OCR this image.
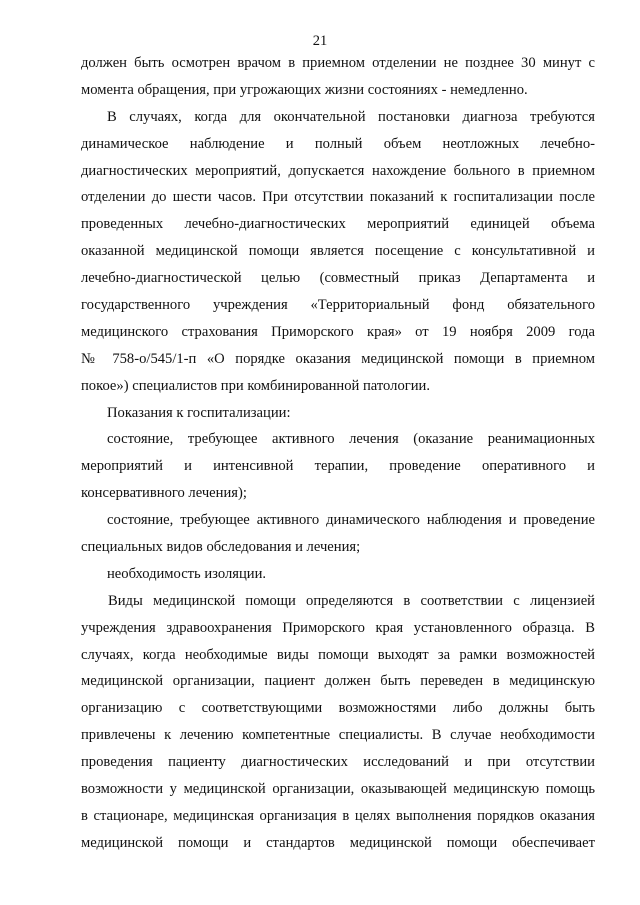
21
должен быть осмотрен врачом в приемном отделении не позднее 30 минут с
момента обращения, при угрожающих жизни состояниях - немедленно.
В случаях, когда для окончательной постановки диагноза требуются
динамическое наблюдение и полный объем неотложных лечебно-
диагностических мероприятий, допускается нахождение больного в приемном
отделении до шести часов. При отсутствии показаний к госпитализации после
проведенных лечебно-диагностических мероприятий единицей объема
оказанной медицинской помощи является посещение с консультативной и
лечебно-диагностической целью (совместный приказ Департамента и
государственного учреждения «Территориальный фонд обязательного
медицинского страхования Приморского края» от 19 ноября 2009 года
№ 758-о/545/1-п «О порядке оказания медицинской помощи в приемном
покое») специалистов при комбинированной патологии.
Показания к госпитализации:
состояние, требующее активного лечения (оказание реанимационных
мероприятий и интенсивной терапии, проведение оперативного и
консервативного лечения);
состояние, требующее активного динамического наблюдения и проведение
специальных видов обследования и лечения;
необходимость изоляции.
Виды медицинской помощи определяются в соответствии с лицензией
учреждения здравоохранения Приморского края установленного образца. В
случаях, когда необходимые виды помощи выходят за рамки возможностей
медицинской организации, пациент должен быть переведен в медицинскую
организацию с соответствующими возможностями либо должны быть
привлечены к лечению компетентные специалисты. В случае необходимости
проведения пациенту диагностических исследований и при отсутствии
возможности у медицинской организации, оказывающей медицинскую помощь
в стационаре, медицинская организация в целях выполнения порядков оказания
медицинской помощи и стандартов медицинской помощи обеспечивает
